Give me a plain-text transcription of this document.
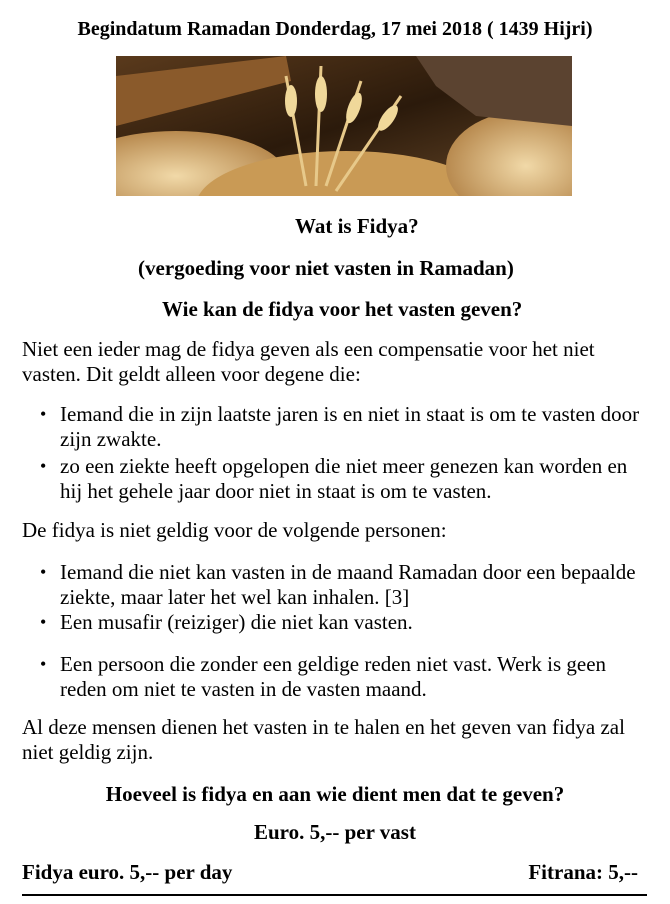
Begindatum Ramadan Donderdag, 17 mei 2018 ( 1439 Hijri)
Wat is Fidya?
(vergoeding voor niet vasten in Ramadan)
Wie kan de fidya voor het vasten geven?
Niet een ieder mag de fidya geven als een compensatie voor het niet vasten. Dit geldt alleen voor degene die:
• Iemand die in zijn laatste jaren is en niet in staat is om te vasten door zijn zwakte.
• zo een ziekte heeft opgelopen die niet meer genezen kan worden en hij het gehele jaar door niet in staat is om te vasten.
De fidya is niet geldig voor de volgende personen:
• Iemand die niet kan vasten in de maand Ramadan door een bepaalde ziekte, maar later het wel kan inhalen. [3]
• Een musafir (reiziger) die niet kan vasten.
• Een persoon die zonder een geldige reden niet vast. Werk is geen reden om niet te vasten in de vasten maand.
Al deze mensen dienen het vasten in te halen en het geven van fidya zal niet geldig zijn.
Hoeveel is fidya en aan wie dient men dat te geven?
Euro. 5,-- per vast
Fidya euro. 5,-- per day	Fitrana: 5,--
